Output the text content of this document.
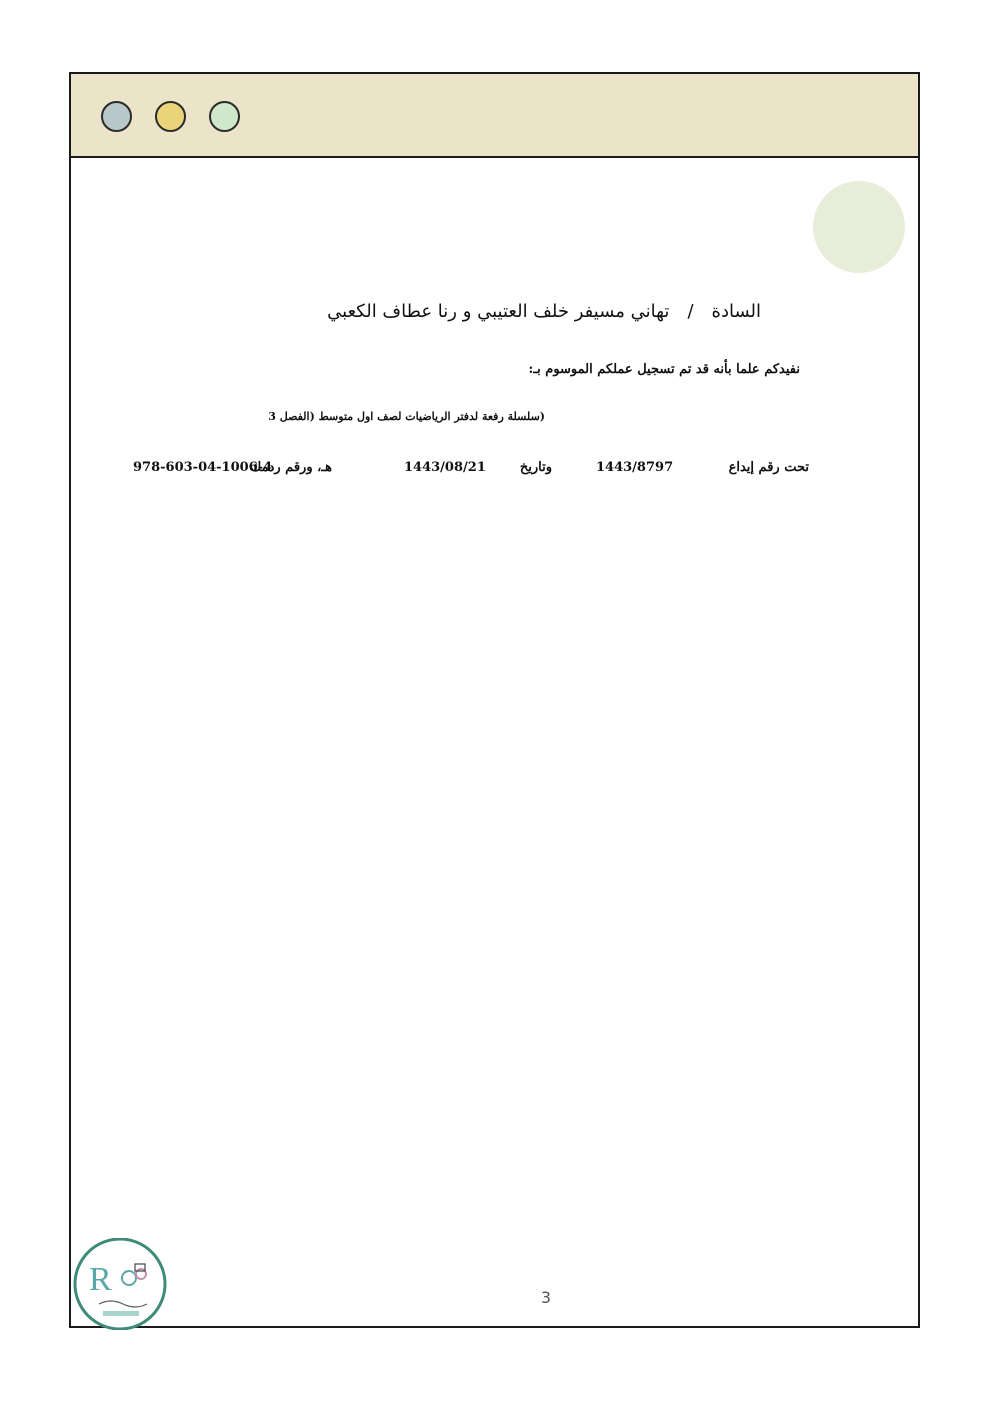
السادة/تهاني مسيفر خلف العتيبي و رنا عطاف الكعبي
نفيدكم علما بأنه قد تم تسجيل عملكم الموسوم بـ:
(سلسلة رفعة لدفتر الرياضيات لصف اول متوسط (الفصل 3
تحت رقم إيداع
1443/8797
وتاريخ
1443/08/21
هـ، ورقم ردمك
978-603-04-1006-4
3
R
